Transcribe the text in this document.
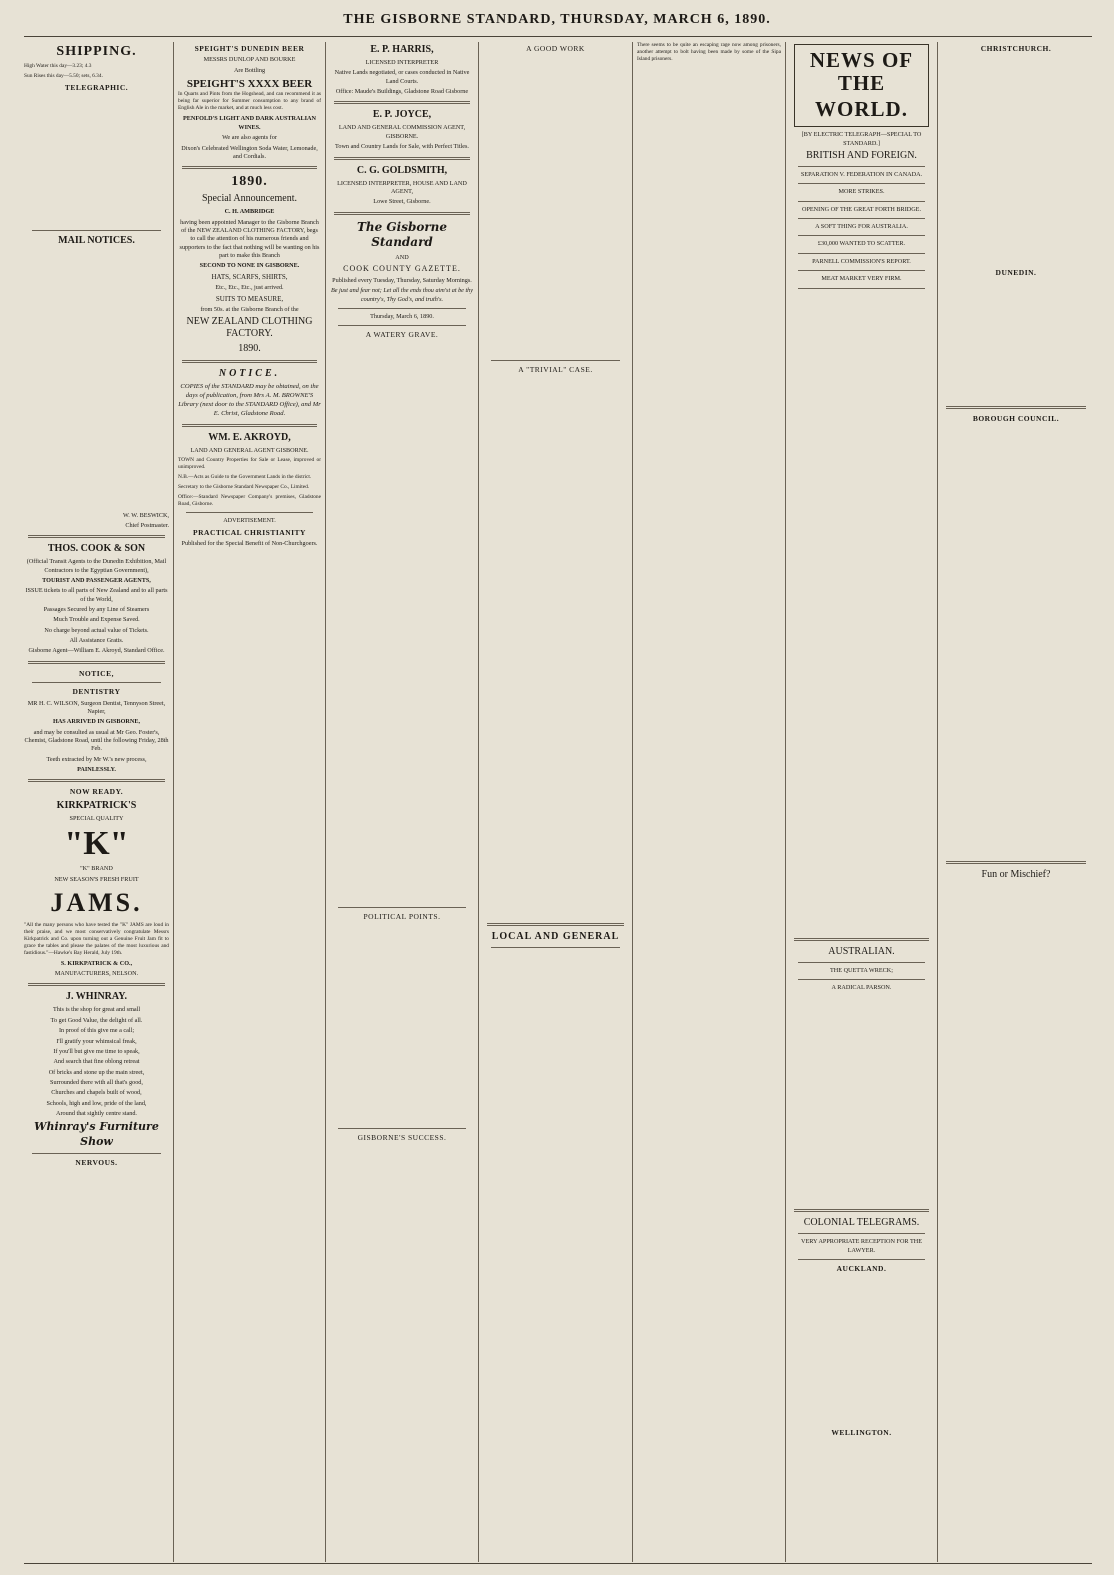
THE GISBORNE STANDARD, THURSDAY, MARCH 6, 1890.
SHIPPING.
High Water this day—3.23; 4.3
Sun Rises this day—5.50; sets, 6.34.
TELEGRAPHIC.
MAIL NOTICES.
W. W. BESWICK,
Chief Postmaster.
THOS. COOK & SON
(Official Transit Agents to the Dunedin Exhibition, Mail Contractors to the Egyptian Government),
TOURIST AND PASSENGER AGENTS,
ISSUE tickets to all parts of New Zealand and to all parts of the World,
Passages Secured by any Line of Steamers
Much Trouble and Expense Saved.
No charge beyond actual value of Tickets.
All Assistance Gratis.
Gisborne Agent—William E. Akroyd, Standard Office.
NOTICE,
DENTISTRY
MR H. C. WILSON, Surgeon Dentist, Tennyson Street, Napier,
HAS ARRIVED IN GISBORNE,
and may be consulted as usual at Mr Geo. Foster's, Chemist, Gladstone Road, until the following Friday, 28th Feb.
Teeth extracted by Mr W.'s new process,
PAINLESSLY.
NOW READY.
KIRKPATRICK'S
SPECIAL QUALITY
"K"
"K" BRAND
NEW SEASON'S FRESH FRUIT
JAMS.
"All the many persons who have tested the "K" JAMS are loud in their praise, and we most conservatively congratulate Messrs Kirkpatrick and Co. upon turning out a Genuine Fruit Jam fit to grace the tables and please the palates of the most luxurious and fastidious."—Hawke's Bay Herald, July 19th.
S. KIRKPATRICK & CO.,
MANUFACTURERS, NELSON.
J. WHINRAY.
This is the shop for great and small
To get Good Value, the delight of all.
In proof of this give me a call;
I'll gratify your whimsical freak,
If you'll but give me time to speak,
And search that fine oblong retreat
Of bricks and stone up the main street,
Surrounded there with all that's good,
Churches and chapels built of wood,
Schools, high and low, pride of the land,
Around that sightly centre stand.
Whinray's Furniture Show
NERVOUS.
SPEIGHT'S DUNEDIN BEER
MESSRS DUNLOP AND BOURKE
Are Bottling
SPEIGHT'S XXXX BEER
In Quarts and Pints from the Hogshead, and can recommend it as being far superior for Summer consumption to any brand of English Ale in the market, and at much less cost.
PENFOLD'S LIGHT AND DARK AUSTRALIAN WINES.
We are also agents for
Dixon's Celebrated Wellington Soda Water, Lemonade, and Cordials.
1890.
Special Announcement.
C. H. AMBRIDGE
having been appointed Manager to the Gisborne Branch of the NEW ZEALAND CLOTHING FACTORY, begs to call the attention of his numerous friends and supporters to the fact that nothing will be wanting on his part to make this Branch
SECOND TO NONE IN GISBORNE.
HATS, SCARFS, SHIRTS,
Etc., Etc., Etc., just arrived.
SUITS TO MEASURE,
from 50s. at the Gisborne Branch of the
NEW ZEALAND CLOTHING FACTORY.
1890.
NOTICE.
COPIES of the STANDARD may be obtained, on the days of publication, from Mrs A. M. BROWNE'S Library (next door to the STANDARD Office), and Mr E. Christ, Gladstone Road.
WM. E. AKROYD,
LAND AND GENERAL AGENT GISBORNE.
TOWN and Country Properties for Sale or Lease, improved or unimproved.
N.B.—Acts as Guide to the Government Lands in the district.
Secretary to the Gisborne Standard Newspaper Co., Limited.
Office:—Standard Newspaper Company's premises, Gladstone Road, Gisborne.
ADVERTISEMENT.
PRACTICAL CHRISTIANITY
Published for the Special Benefit of Non-Churchgoers.
E. P. HARRIS,
LICENSED INTERPRETER
Native Lands negotiated, or cases conducted in Native Land Courts.
Office: Maude's Buildings, Gladstone Road Gisborne
E. P. JOYCE,
LAND AND GENERAL COMMISSION AGENT, GISBORNE.
Town and Country Lands for Sale, with Perfect Titles.
C. G. GOLDSMITH,
LICENSED INTERPRETER, HOUSE AND LAND AGENT,
Lowe Street, Gisborne.
The Gisborne Standard
AND
COOK COUNTY GAZETTE.
Published every Tuesday, Thursday, Saturday Mornings.
Be just and fear not; Let all the ends thou aim'st at be thy country's, Thy God's, and truth's.
Thursday, March 6, 1890.
A WATERY GRAVE.
POLITICAL POINTS.
GISBORNE'S SUCCESS.
A GOOD WORK
A "TRIVIAL" CASE.
LOCAL AND GENERAL
There seems to be quite an escaping rage now among prisoners, another attempt to bolt having been made by some of the Sipa Island prisoners.	NEWS OF THE
WORLD.
[BY ELECTRIC TELEGRAPH—SPECIAL TO STANDARD.]
BRITISH AND FOREIGN.
SEPARATION V. FEDERATION IN CANADA.
MORE STRIKES.
OPENING OF THE GREAT FORTH BRIDGE.
A SOFT THING FOR AUSTRALIA.
£30,000 WANTED TO SCATTER.
PARNELL COMMISSION'S REPORT.
MEAT MARKET VERY FIRM.
AUSTRALIAN.
THE QUETTA WRECK;
A RADICAL PARSON.
COLONIAL TELEGRAMS.
VERY APPROPRIATE RECEPTION FOR THE LAWYER.
AUCKLAND.
WELLINGTON.
CHRISTCHURCH.
DUNEDIN.
BOROUGH COUNCIL.
Fun or Mischief?
